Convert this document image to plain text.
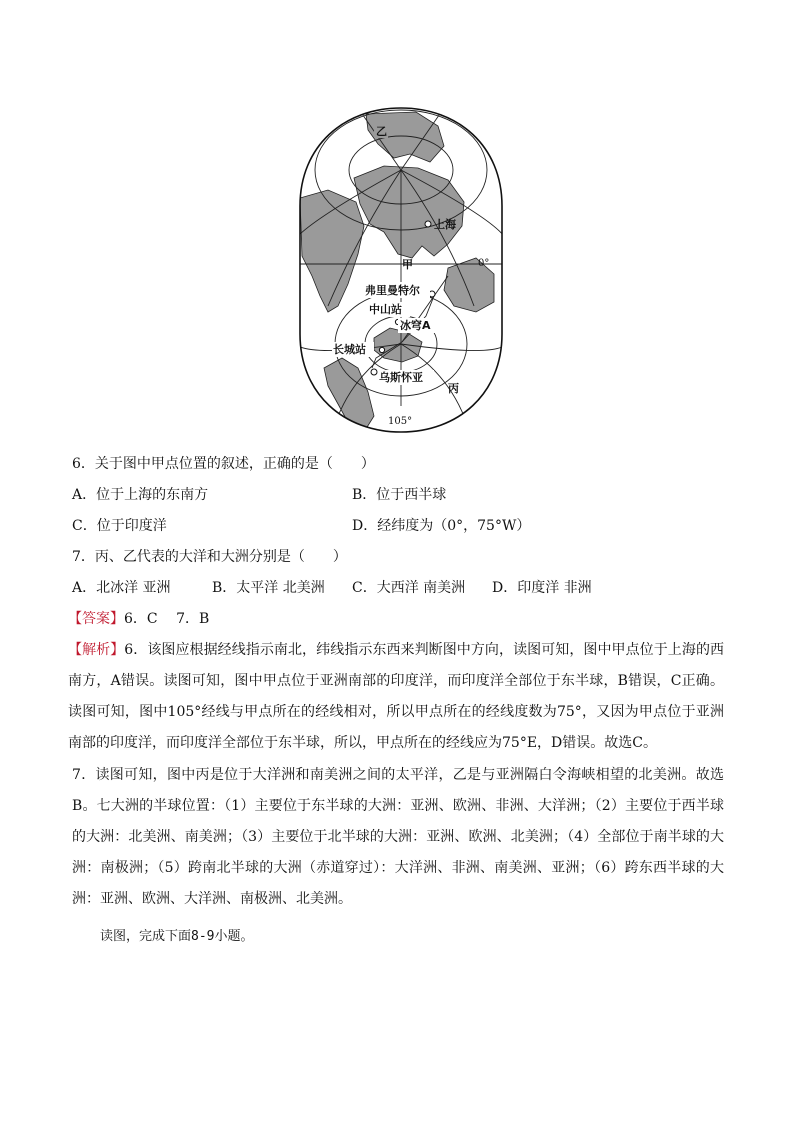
乙
上海
甲	0°
弗里曼特尔
中山站
冰穹A
长城站
乌斯怀亚
丙
105°
6．关于图中甲点位置的叙述，正确的是（　　）
A．位于上海的东南方	B．位于西半球
C．位于印度洋	D．经纬度为（0°，75°W）
7．丙、乙代表的大洋和大洲分别是（　　）
A．北冰洋 亚洲	B．太平洋 北美洲 C．大西洋 南美洲 D．印度洋 非洲
【答案】6．C　 7．B
【解析】6．该图应根据经线指示南北，纬线指示东西来判断图中方向，读图可知，图中甲点位于上海的西南方，A错误。读图可知，图中甲点位于亚洲南部的印度洋，而印度洋全部位于东半球，B错误，C正确。读图可知，图中105°经线与甲点所在的经线相对，所以甲点所在的经线度数为75°，又因为甲点位于亚洲南部的印度洋，而印度洋全部位于东半球，所以，甲点所在的经线应为75°E，D错误。故选C。
7．读图可知，图中丙是位于大洋洲和南美洲之间的太平洋，乙是与亚洲隔白令海峡相望的北美洲。故选B。七大洲的半球位置：（1）主要位于东半球的大洲：亚洲、欧洲、非洲、大洋洲；（2）主要位于西半球的大洲：北美洲、南美洲；（3）主要位于北半球的大洲：亚洲、欧洲、北美洲；（4）全部位于南半球的大洲：南极洲；（5）跨南北半球的大洲（赤道穿过）：大洋洲、非洲、南美洲、亚洲；（6）跨东西半球的大洲：亚洲、欧洲、大洋洲、南极洲、北美洲。
读图，完成下面8-9小题。
